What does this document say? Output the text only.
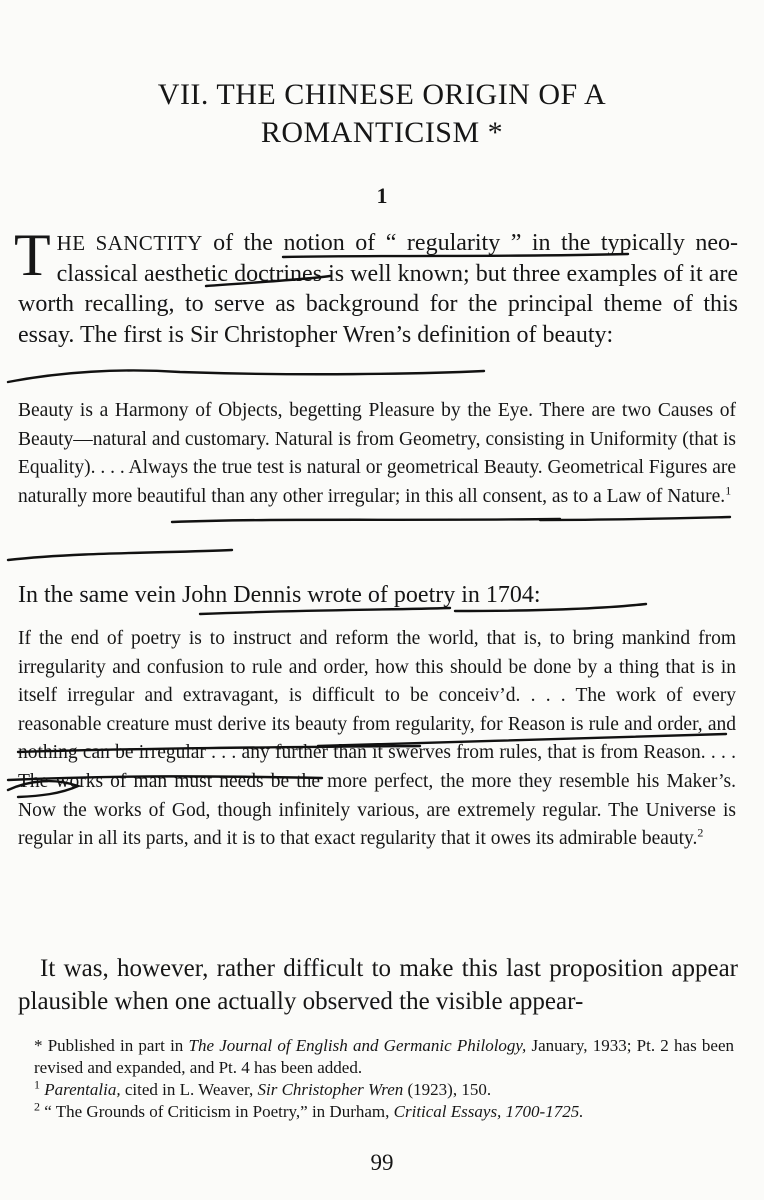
VII. THE CHINESE ORIGIN OF A
ROMANTICISM *
1
THE SANCTITY of the notion of “ regularity ” in the typically neo-classical aesthetic doctrines is well known; but three examples of it are worth recalling, to serve as background for the principal theme of this essay. The first is Sir Christopher Wren’s definition of beauty:
Beauty is a Harmony of Objects, begetting Pleasure by the Eye. There are two Causes of Beauty—natural and customary. Natural is from Geometry, consisting in Uniformity (that is Equality). . . . Always the true test is natural or geometrical Beauty. Geometrical Figures are naturally more beautiful than any other irregular; in this all consent, as to a Law of Nature.$^1$
In the same vein John Dennis wrote of poetry in 1704:
If the end of poetry is to instruct and reform the world, that is, to bring mankind from irregularity and confusion to rule and order, how this should be done by a thing that is in itself irregular and extravagant, is difficult to be conceiv’d. . . . The work of every reasonable creature must derive its beauty from regularity, for Reason is rule and order, and nothing can be irregular . . . any further than it swerves from rules, that is from Reason. . . . The works of man must needs be the more perfect, the more they resemble his Maker’s. Now the works of God, though infinitely various, are extremely regular. The Universe is regular in all its parts, and it is to that exact regularity that it owes its admirable beauty.$^2$
It was, however, rather difficult to make this last proposition appear plausible when one actually observed the visible appear-

* Published in part in The Journal of English and Germanic Philology, January, 1933; Pt. 2 has been revised and expanded, and Pt. 4 has been added.

$^1$ Parentalia, cited in L. Weaver, Sir Christopher Wren (1923), 150.

$^2$ “ The Grounds of Criticism in Poetry,” in Durham, Critical Essays, 1700-1725.

99
